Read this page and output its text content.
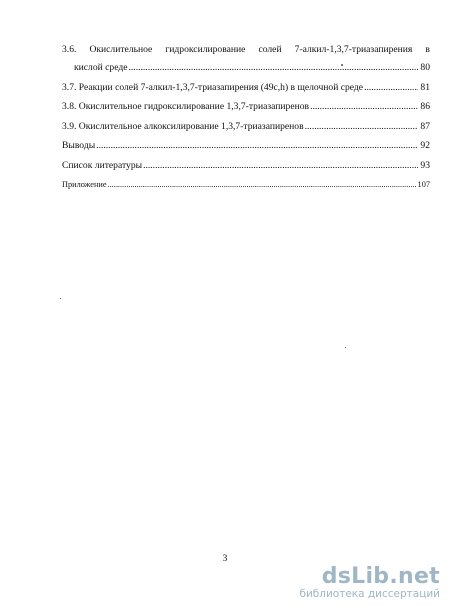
3.6. Окислительное гидроксилирование солей 7-алкил-1,3,7-триазапирения в
кислой среде .....	80
3.7. Реакции солей 7-алкил-1,3,7-триазапирения (49c,h) в щелочной среде .....	81
3.8. Окислительное гидроксилирование 1,3,7-триазапиренов .....	86
3.9. Окислительное алкоксилирование 1,3,7-триазапиренов .....	87
Выводы .....	92
Список литературы .....	93
Приложение .....	107
3
dsLib.net
библиотека диссертаций
